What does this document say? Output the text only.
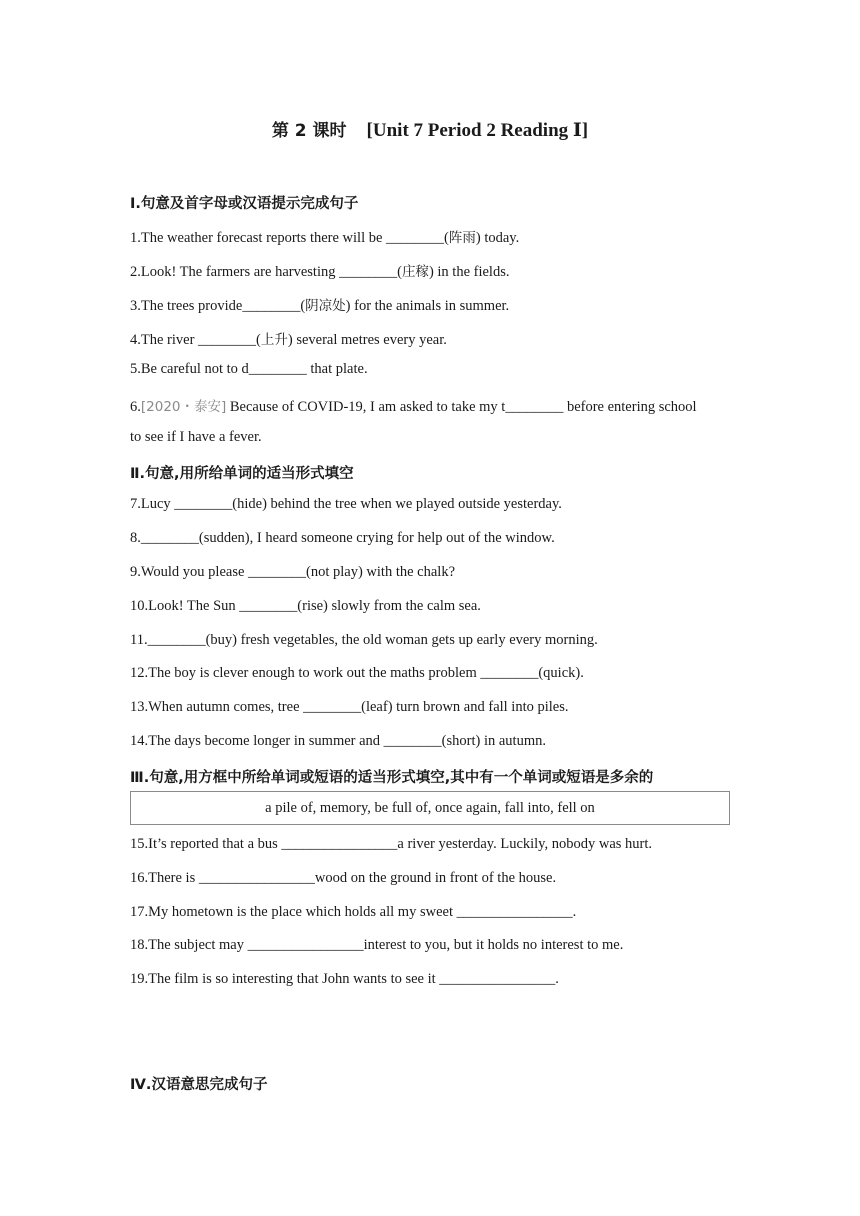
第 2 课时 [Unit 7 Period 2 Reading Ⅰ]
Ⅰ.句意及首字母或汉语提示完成句子
1.The weather forecast reports there will be ________(阵雨) today.
2.Look! The farmers are harvesting ________(庄稼) in the fields.
3.The trees provide________(阴凉处) for the animals in summer.
4.The river ________(上升) several metres every year.
5.Be careful not to d________ that plate.
6.[2020・泰安] Because of COVID-19, I am asked to take my t________ before entering school
to see if I have a fever.
Ⅱ.句意,用所给单词的适当形式填空
7.Lucy ________(hide) behind the tree when we played outside yesterday.
8.________(sudden), I heard someone crying for help out of the window.
9.Would you please ________(not play) with the chalk?
10.Look! The Sun ________(rise) slowly from the calm sea.
11.________(buy) fresh vegetables, the old woman gets up early every morning.
12.The boy is clever enough to work out the maths problem ________(quick).
13.When autumn comes, tree ________(leaf) turn brown and fall into piles.
14.The days become longer in summer and ________(short) in autumn.
Ⅲ.句意,用方框中所给单词或短语的适当形式填空,其中有一个单词或短语是多余的
a pile of, memory, be full of, once again, fall into, fell on
15.It’s reported that a bus ________________a river yesterday. Luckily, nobody was hurt.
16.There is ________________wood on the ground in front of the house.
17.My hometown is the place which holds all my sweet ________________.
18.The subject may ________________interest to you, but it holds no interest to me.
19.The film is so interesting that John wants to see it ________________.
Ⅳ.汉语意思完成句子
